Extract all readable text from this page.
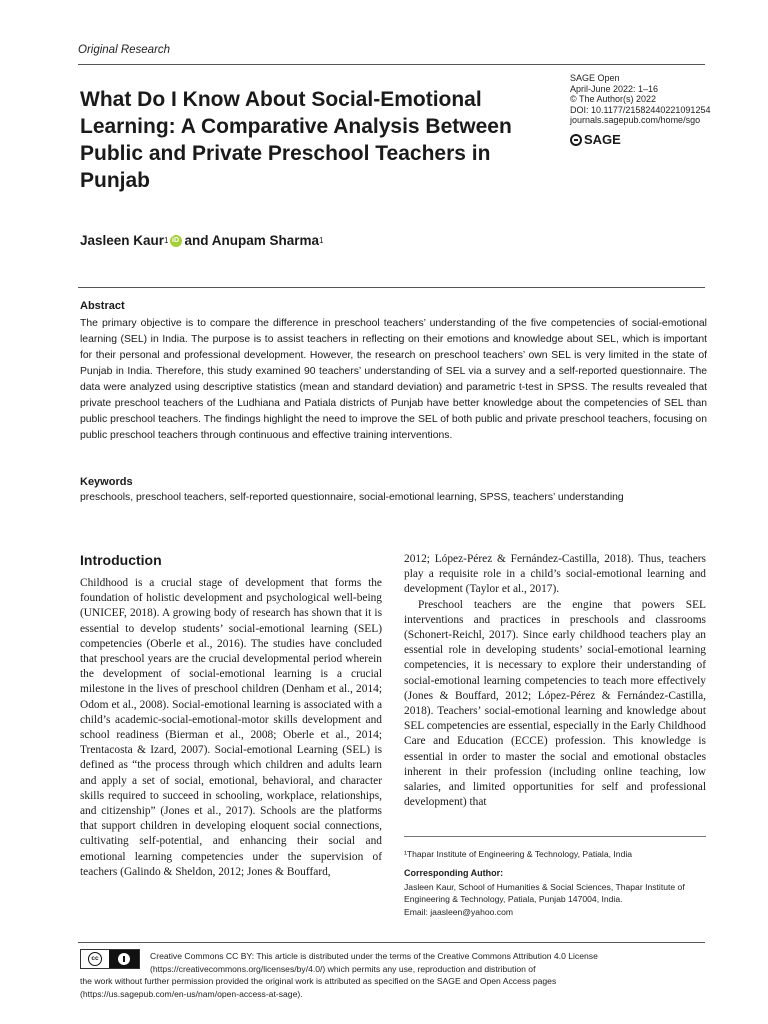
Original Research
What Do I Know About Social-Emotional Learning: A Comparative Analysis Between Public and Private Preschool Teachers in Punjab
SAGE Open
April-June 2022: 1–16
© The Author(s) 2022
DOI: 10.1177/21582440221091254
journals.sagepub.com/home/sgo
SAGE
Jasleen Kaur 1 iD and Anupam Sharma 1
Abstract

The primary objective is to compare the difference in preschool teachers’ understanding of the five competencies of social-emotional learning (SEL) in India. The purpose is to assist teachers in reflecting on their emotions and knowledge about SEL, which is important for their personal and professional development. However, the research on preschool teachers’ own SEL is very limited in the state of Punjab in India. Therefore, this study examined 90 teachers’ understanding of SEL via a survey and a self-reported questionnaire. The data were analyzed using descriptive statistics (mean and standard deviation) and parametric t-test in SPSS. The results revealed that private preschool teachers of the Ludhiana and Patiala districts of Punjab have better knowledge about the competencies of SEL than public preschool teachers. The findings highlight the need to improve the SEL of both public and private preschool teachers, focusing on public preschool teachers through continuous and effective training interventions.

Keywords

preschools, preschool teachers, self-reported questionnaire, social-emotional learning, SPSS, teachers’ understanding

Introduction

Childhood is a crucial stage of development that forms the foundation of holistic development and psychological well-being (UNICEF, 2018). A growing body of research has shown that it is essential to develop students’ social-emotional learning (SEL) competencies (Oberle et al., 2016). The studies have concluded that preschool years are the crucial developmental period wherein the development of social-emotional learning is a crucial milestone in the lives of preschool children (Denham et al., 2014; Odom et al., 2008). Social-emotional learning is associated with a child’s academic-social-emotional-motor skills development and school readiness (Bierman et al., 2008; Oberle et al., 2014; Trentacosta & Izard, 2007). Social-emotional Learning (SEL) is defined as “the process through which children and adults learn and apply a set of social, emotional, behavioral, and character skills required to succeed in schooling, workplace, relationships, and citizenship” (Jones et al., 2017). Schools are the platforms that support children in developing eloquent social connections, cultivating self-potential, and enhancing their social and emotional learning competencies under the supervision of teachers (Galindo & Sheldon, 2012; Jones & Bouffard,

2012; López-Pérez & Fernández-Castilla, 2018). Thus, teachers play a requisite role in a child’s social-emotional learning and development (Taylor et al., 2017).

Preschool teachers are the engine that powers SEL interventions and practices in preschools and classrooms (Schonert-Reichl, 2017). Since early childhood teachers play an essential role in developing students’ social-emotional learning competencies, it is necessary to explore their understanding of social-emotional learning competencies to teach more effectively (Jones & Bouffard, 2012; López-Pérez & Fernández-Castilla, 2018). Teachers’ social-emotional learning and knowledge about SEL competencies are essential, especially in the Early Childhood Care and Education (ECCE) profession. This knowledge is essential in order to master the social and emotional obstacles inherent in their profession (including online teaching, low salaries, and limited opportunities for self and professional development) that

¹Thapar Institute of Engineering & Technology, Patiala, India
Corresponding Author:
Jasleen Kaur, School of Humanities & Social Sciences, Thapar Institute of Engineering & Technology, Patiala, Punjab 147004, India.
Email: jaasleen@yahoo.com
cc	Creative Commons CC BY: This article is distributed under the terms of the Creative Commons Attribution 4.0 License
(https://creativecommons.org/licenses/by/4.0/) which permits any use, reproduction and distribution of
the work without further permission provided the original work is attributed as specified on the SAGE and Open Access pages
(https://us.sagepub.com/en-us/nam/open-access-at-sage).
